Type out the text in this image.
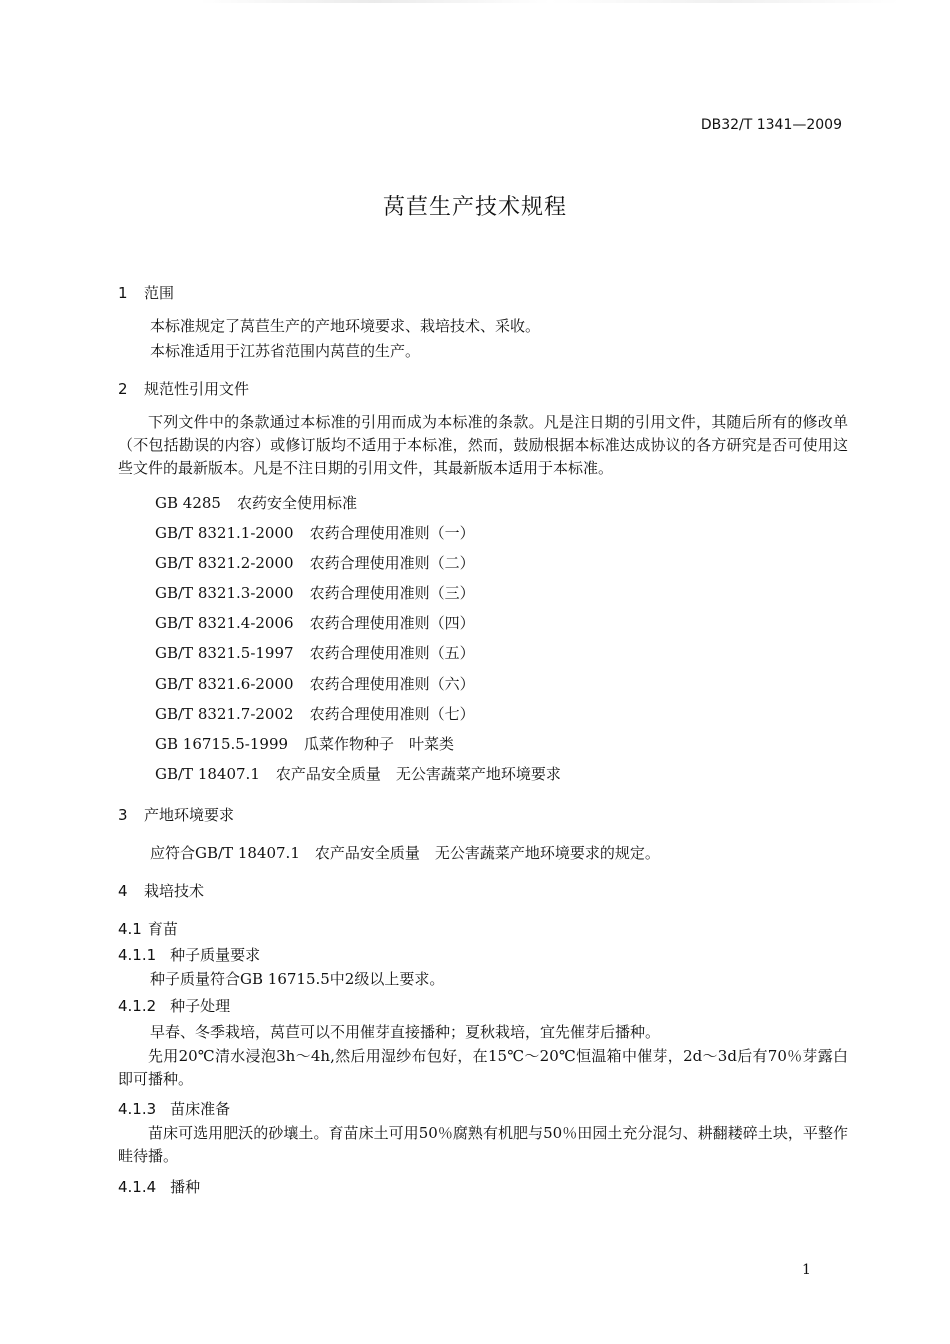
DB32/T 1341—2009
莴苣生产技术规程
1 范围
本标准规定了莴苣生产的产地环境要求、栽培技术、采收。
本标准适用于江苏省范围内莴苣的生产。
2 规范性引用文件
下列文件中的条款通过本标准的引用而成为本标准的条款。凡是注日期的引用文件，其随后所有的修改单（不包括勘误的内容）或修订版均不适用于本标准，然而，鼓励根据本标准达成协议的各方研究是否可使用这些文件的最新版本。凡是不注日期的引用文件，其最新版本适用于本标准。
GB 4285 农药安全使用标准
GB/T 8321.1-2000 农药合理使用准则（一）
GB/T 8321.2-2000 农药合理使用准则（二）
GB/T 8321.3-2000 农药合理使用准则（三）
GB/T 8321.4-2006 农药合理使用准则（四）
GB/T 8321.5-1997 农药合理使用准则（五）
GB/T 8321.6-2000 农药合理使用准则（六）
GB/T 8321.7-2002 农药合理使用准则（七）
GB 16715.5-1999 瓜菜作物种子　叶菜类
GB/T 18407.1 农产品安全质量　无公害蔬菜产地环境要求
3 产地环境要求
应符合GB/T 18407.1　农产品安全质量　无公害蔬菜产地环境要求的规定。
4 栽培技术
4.1 育苗
4.1.1 种子质量要求
种子质量符合GB 16715.5中2级以上要求。
4.1.2 种子处理
早春、冬季栽培，莴苣可以不用催芽直接播种；夏秋栽培，宜先催芽后播种。
先用20℃清水浸泡3h～4h,然后用湿纱布包好，在15℃～20℃恒温箱中催芽，2d～3d后有70％芽露白即可播种。
4.1.3 苗床准备
苗床可选用肥沃的砂壤土。育苗床土可用50％腐熟有机肥与50％田园土充分混匀、耕翻耧碎土块，平整作畦待播。
4.1.4 播种
1
